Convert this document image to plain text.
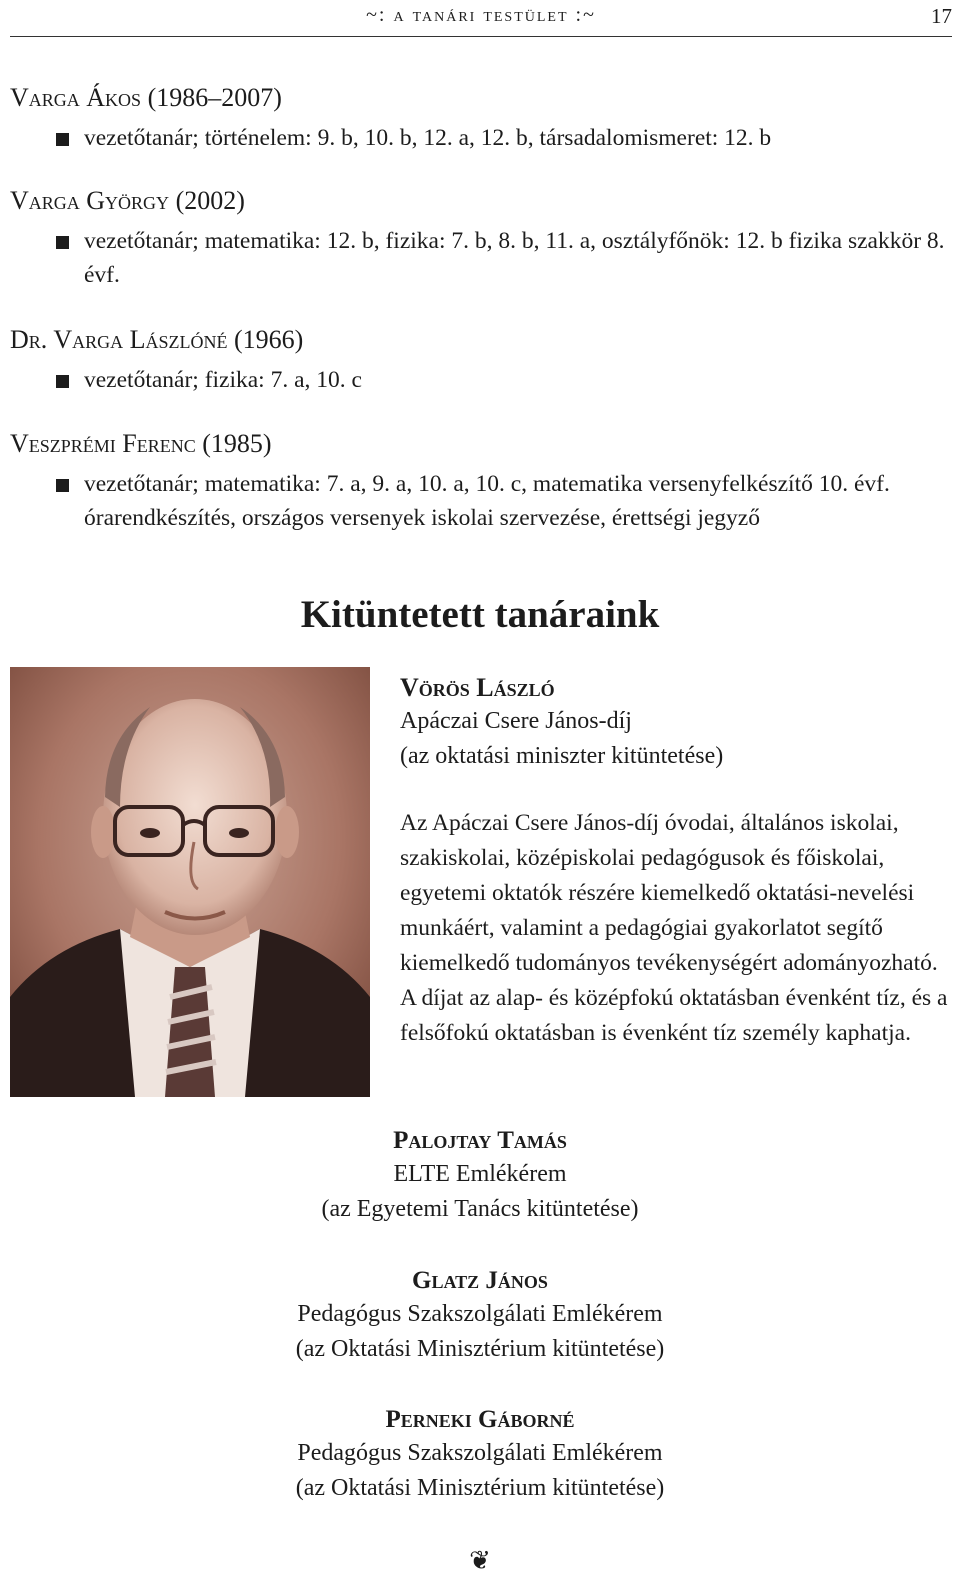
~: a tanári testület :~	17
Varga Ákos (1986–2007)
vezetőtanár; történelem: 9. b, 10. b, 12. a, 12. b, társadalomismeret: 12. b
Varga György (2002)
vezetőtanár; matematika: 12. b, fizika: 7. b, 8. b, 11. a, osztályfőnök: 12. b fizika szakkör 8. évf.
Dr. Varga Lászlóné (1966)
vezetőtanár; fizika: 7. a, 10. c
Veszprémi Ferenc (1985)
vezetőtanár; matematika: 7. a, 9. a, 10. a, 10. c, matematika versenyfelkészítő 10. évf. órarendkészítés, országos versenyek iskolai szervezése, érettségi jegyző
Kitüntetett tanáraink
Vörös László
Apáczai Csere János-díj
(az oktatási miniszter kitüntetése)
Az Apáczai Csere János-díj óvodai, általános iskolai, szakiskolai, középiskolai pedagógusok és főiskolai, egyetemi oktatók részére kiemelkedő oktatási-nevelési munkáért, valamint a pedagógiai gyakorlatot segítő kiemelkedő tudományos tevékenységért adományozható. A díjat az alap- és középfokú oktatásban évenként tíz, és a felsőfokú oktatásban is évenként tíz személy kaphatja.
Palojtay Tamás
ELTE Emlékérem
(az Egyetemi Tanács kitüntetése)
Glatz János
Pedagógus Szakszolgálati Emlékérem
(az Oktatási Minisztérium kitüntetése)
Perneki Gáborné
Pedagógus Szakszolgálati Emlékérem
(az Oktatási Minisztérium kitüntetése)
❦
